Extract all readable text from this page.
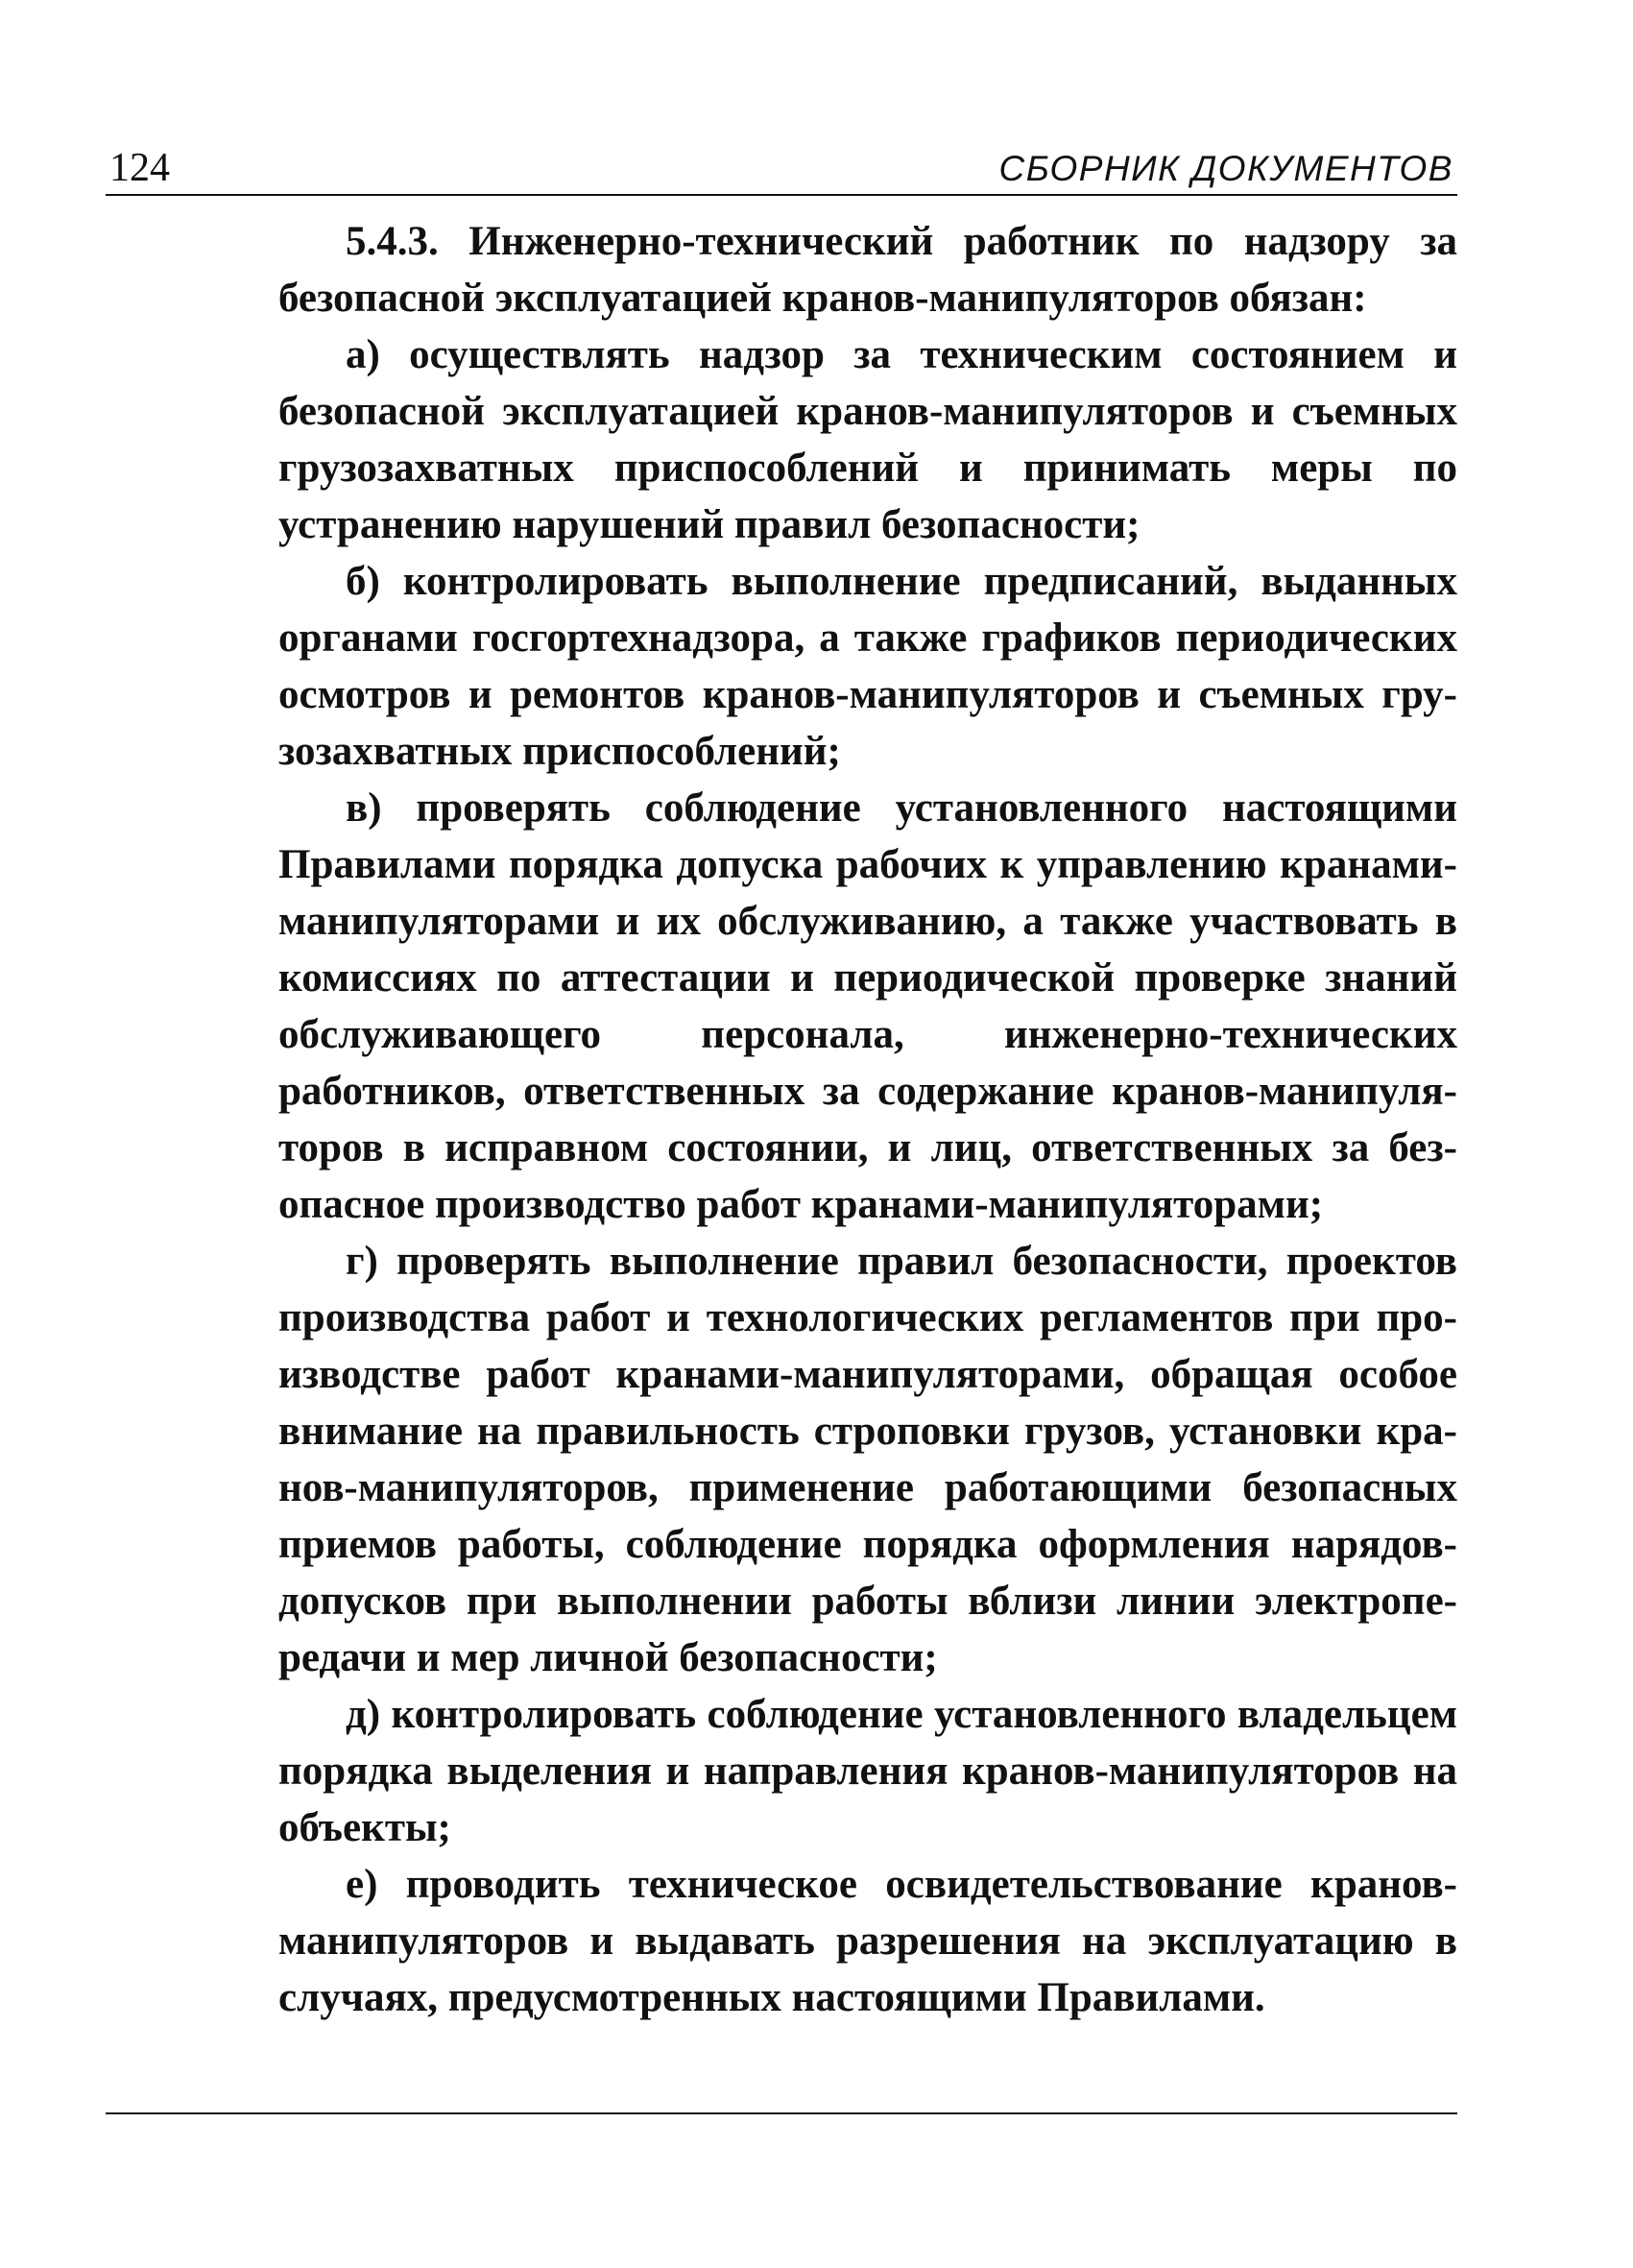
124	СБОРНИК ДОКУМЕНТОВ

5.4.3. Инженерно-технический работник по надзору за безопасной эксплуатацией кранов-манипуляторов обязан:

а) осуществлять надзор за техническим состоянием и безопасной эксплуатацией кранов-манипуляторов и съемных грузозахватных приспособлений и принимать меры по устранению нарушений правил безопасности;

б) контролировать выполнение предписаний, выданных органами госгортехнадзора, а также графиков периодических осмотров и ремонтов кранов-манипуляторов и съемных грузозахватных приспособлений;

в) проверять соблюдение установленного настоящими Правилами порядка допуска рабочих к управлению кранами-манипуляторами и их обслуживанию, а также участвовать в комиссиях по аттестации и периодической проверке знаний обслуживающего персонала, инженерно-технических работников, ответственных за содержание кранов-манипуляторов в исправном состоянии, и лиц, ответственных за безопасное производство работ кранами-манипуляторами;

г) проверять выполнение правил безопасности, проектов производства работ и технологических регламентов при производстве работ кранами-манипуляторами, обращая особое внимание на правильность строповки грузов, установки кранов-манипуляторов, применение работающими безопасных приемов работы, соблюдение порядка оформления нарядов-допусков при выполнении работы вблизи линии электропередачи и мер личной безопасности;

д) контролировать соблюдение установленного владельцем порядка выделения и направления кранов-манипуляторов на объекты;

е) проводить техническое освидетельствование кранов-манипуляторов и выдавать разрешения на эксплуатацию в случаях, предусмотренных настоящими Правилами.
